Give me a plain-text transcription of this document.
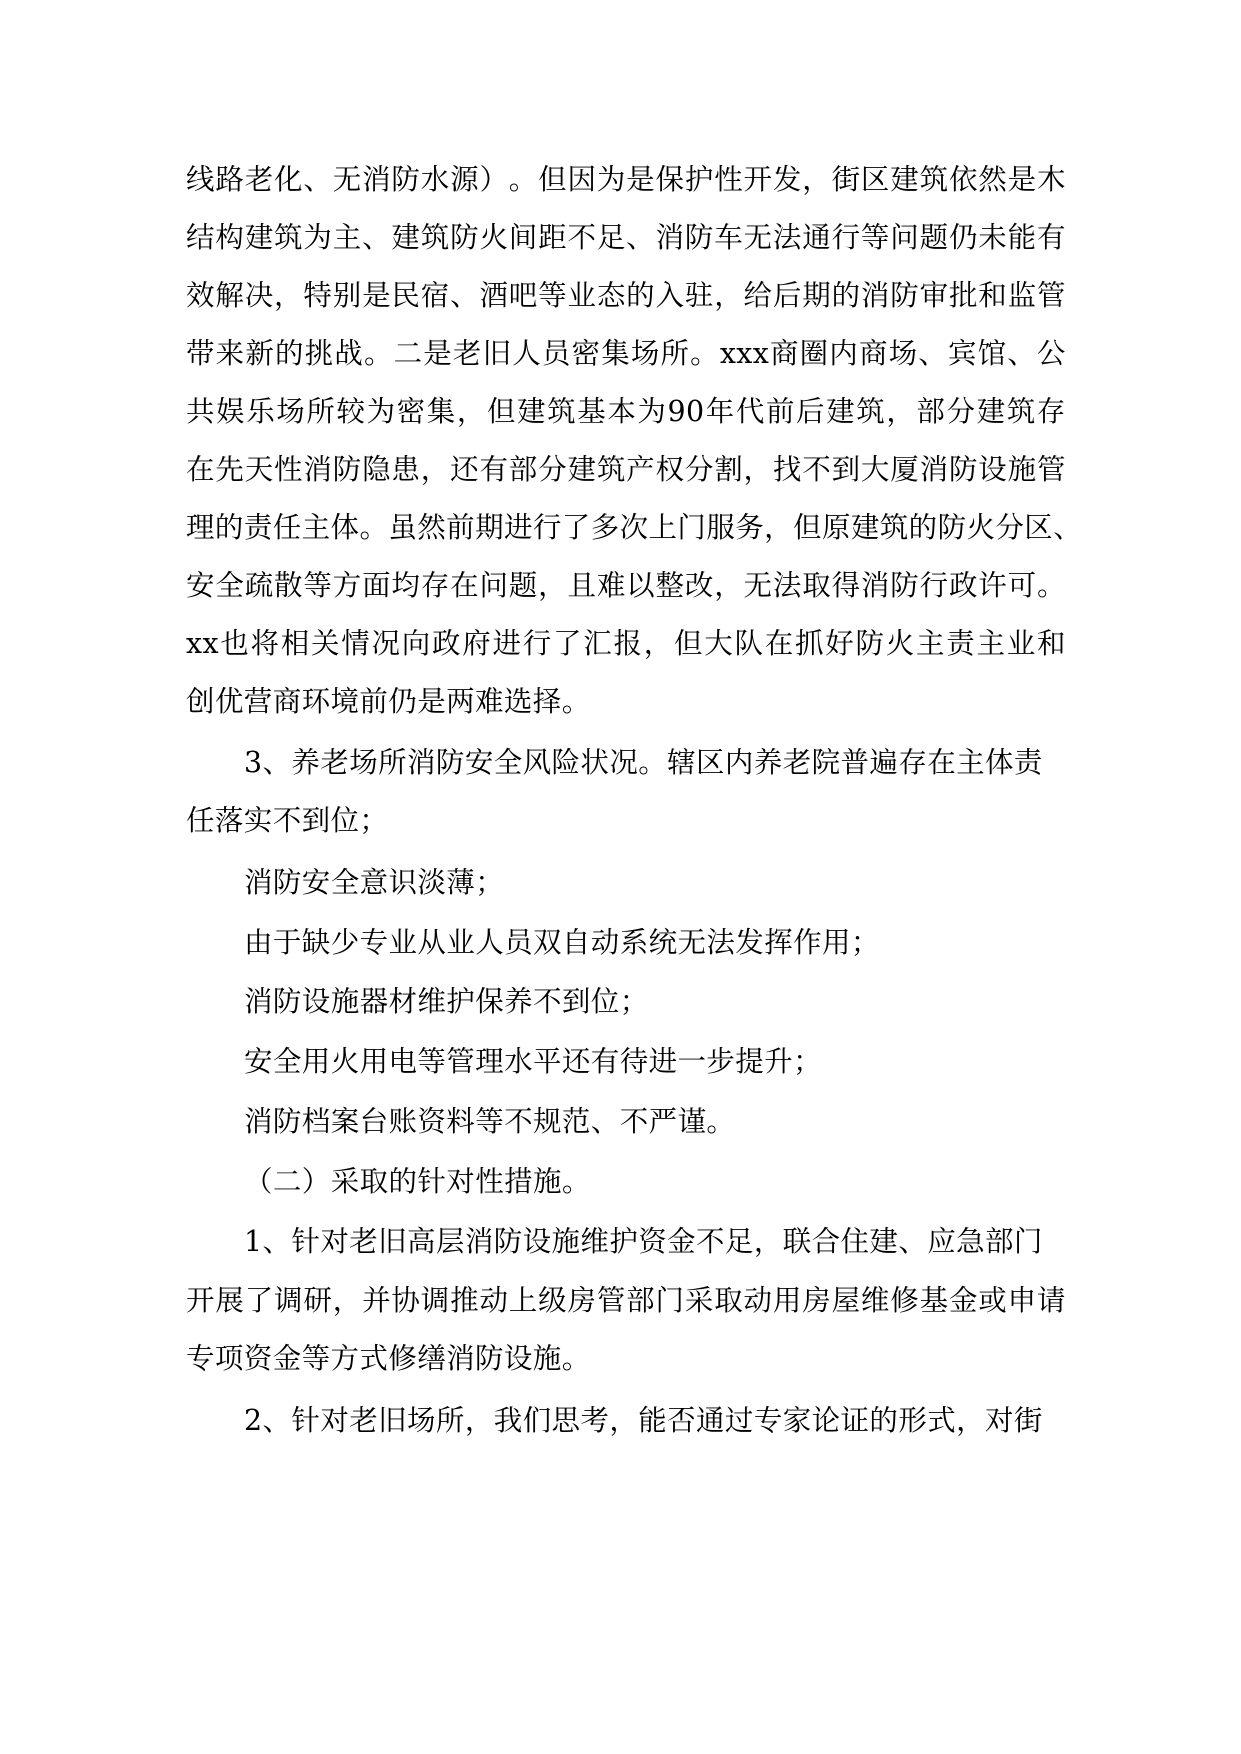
线 路 老 化 、 无 消 防 水 源 ） 。 但 因 为 是 保 护 性 开 发 ， 街 区 建 筑 依 然 是 木
结 构 建 筑 为 主 、 建 筑 防 火 间 距 不 足 、 消 防 车 无 法 通 行 等 问 题 仍 未 能 有
效 解 决 ， 特 别 是 民 宿 、 酒 吧 等 业 态 的 入 驻 ， 给 后 期 的 消 防 审 批 和 监 管
带 来 新 的 挑 战 。 二 是 老 旧 人 员 密 集 场 所 。 xxx 商 圈 内 商 场 、 宾 馆 、 公
共 娱 乐 场 所 较 为 密 集 ， 但 建 筑 基 本 为 90 年 代 前 后 建 筑 ， 部 分 建 筑 存
在 先 天 性 消 防 隐 患 ， 还 有 部 分 建 筑 产 权 分 割 ， 找 不 到 大 厦 消 防 设 施 管
理 的 责 任 主 体 。 虽 然 前 期 进 行 了 多 次 上 门 服 务 ， 但 原 建 筑 的 防 火 分 区 、
安 全 疏 散 等 方 面 均 存 在 问 题 ， 且 难 以 整 改 ， 无 法 取 得 消 防 行 政 许 可 。
xx 也 将 相 关 情 况 向 政 府 进 行 了 汇 报 ， 但 大 队 在 抓 好 防 火 主 责 主 业 和
创优营商环境前仍是两难选择。
3、养老场所消防安全风险状况。辖区内养老院普遍存在主体责
任落实不到位；
消防安全意识淡薄；
由于缺少专业从业人员双自动系统无法发挥作用；
消防设施器材维护保养不到位；
安全用火用电等管理水平还有待进一步提升；
消防档案台账资料等不规范、不严谨。
（二）采取的针对性措施。
1、针对老旧高层消防设施维护资金不足，联合住建、应急部门
开 展 了 调 研 ， 并 协 调 推 动 上 级 房 管 部 门 采 取 动 用 房 屋 维 修 基 金 或 申 请
专项资金等方式修缮消防设施。
2、针对老旧场所，我们思考，能否通过专家论证的形式，对街
